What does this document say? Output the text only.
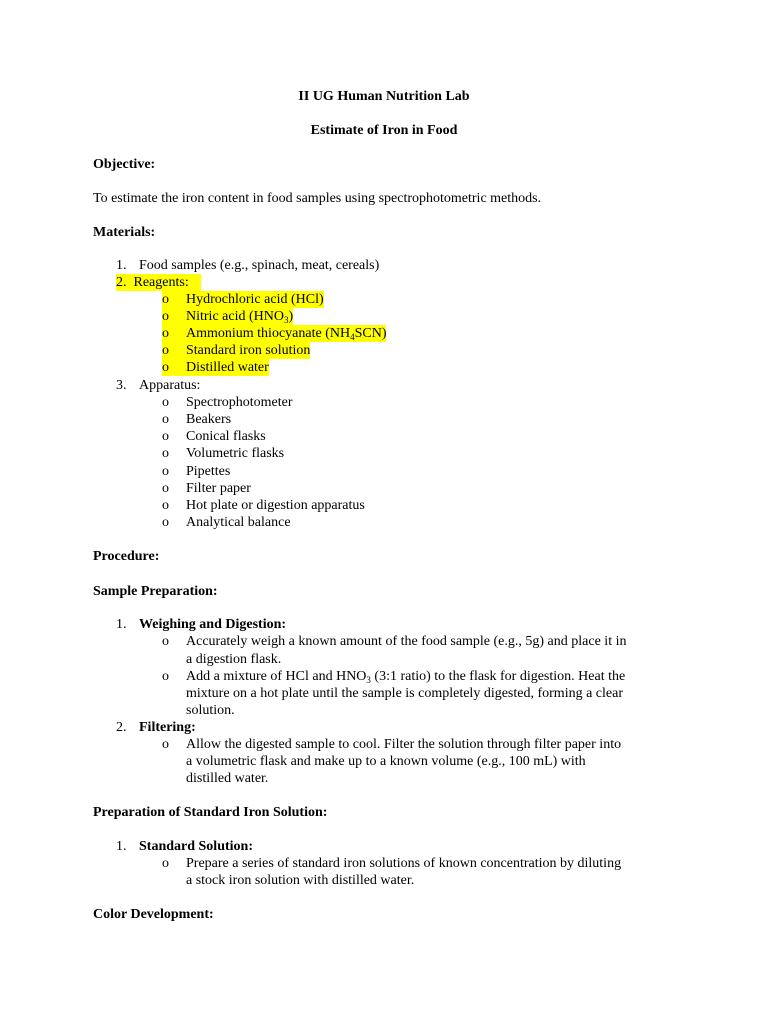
II UG Human Nutrition Lab
Estimate of Iron in Food
Objective:
To estimate the iron content in food samples using spectrophotometric methods.
Materials:
1. Food samples (e.g., spinach, meat, cereals)
2. Reagents:
o Hydrochloric acid (HCl)
o Nitric acid $(HNO_3)$
o Ammonium thiocyanate $(NH_4SCN)$
o Standard iron solution
o Distilled water
3. Apparatus:
o Spectrophotometer
o Beakers
o Conical flasks
o Volumetric flasks
o Pipettes
o Filter paper
o Hot plate or digestion apparatus
o Analytical balance
Procedure:
Sample Preparation:
1. Weighing and Digestion:
o Accurately weigh a known amount of the food sample (e.g., 5g) and place it in
a digestion flask.
o Add a mixture of HCl and $HNO_3$ (3:1 ratio) to the flask for digestion. Heat the
mixture on a hot plate until the sample is completely digested, forming a clear
solution.
2. Filtering:
o Allow the digested sample to cool. Filter the solution through filter paper into
a volumetric flask and make up to a known volume (e.g., 100 mL) with
distilled water.
Preparation of Standard Iron Solution:
1. Standard Solution:
o Prepare a series of standard iron solutions of known concentration by diluting
a stock iron solution with distilled water.
Color Development:
